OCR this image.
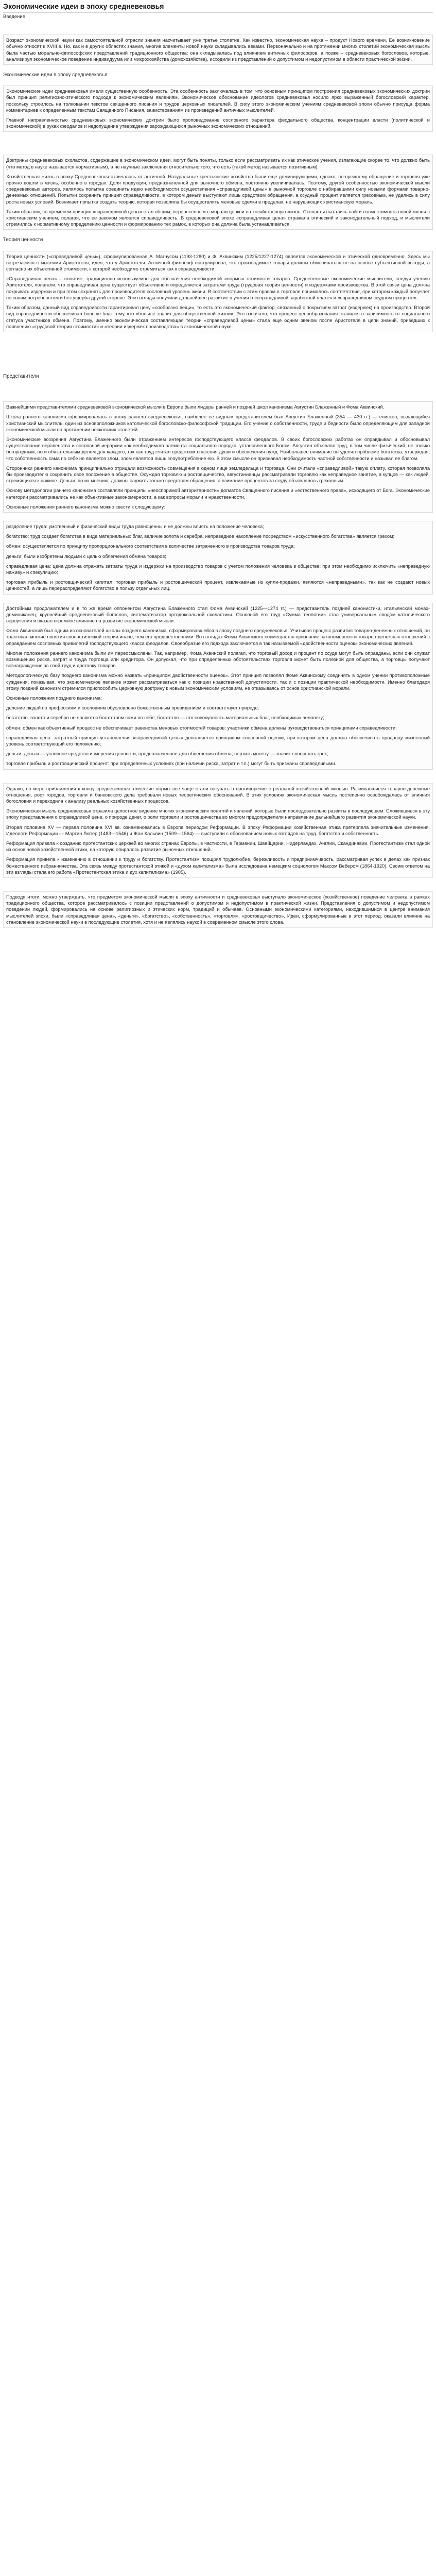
Экономические идеи в эпоху средневековья
Введение

Возраст экономической науки как самостоятельной отрасли знания насчитывает уже третье столетие. Как известно, экономическая наука – продукт Нового времени. Ее возникновение обычно относят к XVIII в. Но, как и в других областях знания, многие элементы новой науки складывались веками. Первоначально и на протяжении многих столетий экономическая мысль была частью морально-философских представлений традиционного общества: она складывалась под влиянием античных философов, а позже – средневековых богословов, которые, анализируя экономическое поведение индивидуума или микрохозяйства (домохозяйства), исходили из представлений о допустимом и недопустимом в области практической жизни.

Экономические идеи в эпоху средневековья

Экономические идеи средневековья имели существенную особенность. Эта особенность заключалась в том, что основным принципом построения средневековых экономических доктрин был принцип религиозно-этического подхода к экономическим явлениям. Экономическое обоснование идеологов средневековья носило ярко выраженный богословский характер, поскольку строилось на толковании текстов священного писания и трудов церковных писателей. В силу этого экономическим учениям средневековой эпохи обычно присуща форма комментариев к определенным текстам Священного Писания, заимствованиям из произведений античных мыслителей.

Главной направленностью средневековых экономических доктрин было проповедование сословного характера феодального общества, концентрации власти (политической и экономической) в руках феодалов и недопущение утверждения зарождающихся рыночных экономических отношений.

Доктрины средневековых схоластов, содержащие в экономическом идеи, могут быть поняты, только если рассматривать их как этические учения, излагающие скорее то, что должно быть (что метод в науке называется нормативным), а не научные заключения относительно того, что есть (такой метод называется позитивным).

Хозяйственная жизнь в эпоху Средневековья отличалась от античной. Натуральные крестьянские хозяйства были еще доминирующими, однако, по-прежнему обращение и торговля уже прочно вошли в жизнь, особенно в городах. Доля продукции, предназначенной для рыночного обмена, постоянно увеличивалась. Поэтому, другой особенностью экономической мысли средневековых авторов, являлось попытка соединить идею необходимости осуществления «справедливой цены» в рыночной торговле с набиравшими силу новыми формами товарно-денежных отношений. Попытки сохранить принцип справедливости, в котором деньги выступают лишь средством обращения, а ссудный процент является греховным, не удались в силу роста новых условий. Возникает попытка создать теорию, которая позволила бы осуществлять меновые сделки в пределах, не нарушающих христианскую мораль.

Таким образом, со временем принцип «справедливой цены» стал общим, перенесенным с морали церкви на хозяйственную жизнь. Схоласты пытались найти совместимость новой жизни с христианским учением, полагая, что ее законом является справедливость. В средневековой эпохе «справедливая цена» отражала этический и законодательный подход, и мыслители стремились к нормативному определению ценности и формированию тех рамок, в которых она должна была устанавливаться.

Теория ценности

Теория ценности («справедливой цены»), сформулированная А. Магнусом (1193-1280) и Ф. Аквинским (1225/1227-1274) является экономической и этической одновременно. Здесь мы встречаемся с мыслями Аристотеля, идея, что у Аристотеля. Античный философ постулировал, что производимые товары должны обмениваться не на основе субъективной выгоды, а согласно их объективной стоимости, к которой необходимо стремиться как к справедливости.

«Справедливая цена» – понятие, традиционно используемое для обозначения необходимой «нормы» стоимости товаров. Средневековые экономические мыслители, следуя учению Аристотеля, полагали, что справедливая цена существует объективно и определяется затратами труда (трудовая теория ценности) и издержками производства. В этой связи цена должна покрывать издержки и при этом сохранять для производителя сословный уровень жизни. В соответствии с этим правом в торговле понималось соответствие, при котором каждый получает по своим потребностям и без ущерба другой стороне. Эти взгляды получили дальнейшее развитие в учении о «справедливой заработной плате» и «справедливом ссудном проценте».

Таким образом, данный вид справедливости гарантировал цену «сообразно вещи», то есть это экономический фактор, связанный с покрытием затрат (издержек) на производство. Второй вид справедливости обеспечивал больше благ тому, кто «больше значит для общественной жизни». Это означало, что процесс ценообразования ставился в зависимость от социального статуса участников обмена. Поэтому, именно экономическая составляющая теории «справедливой цены» стала еще одним звеном после Аристотеля в цепи знаний, приведших к появлению «трудовой теории стоимости» и «теории издержек производства» в экономической науке.

Представители

Важнейшими представителями средневековой экономической мысли в Европе были лидеры ранней и поздней школ канонизма Августин Блаженный и Фома Аквинский.

Школа раннего канонизма сформировалась в эпоху раннего средневековья, наиболее ее видным представителем был Августин Блаженный (354 — 430 гг.) — епископ, выдающийся христианский мыслитель, один из основоположников католической богословско-философской традиции. Его учение о собственности, труде и бедности было определяющим для западной экономической мысли на протяжении нескольких столетий.

Экономические воззрения Августина Блаженного были отражением интересов господствующего класса феодалов. В своих богословских работах он оправдывал и обосновывал существование неравенства и сословной иерархии как необходимого элемента социального порядка, установленного Богом. Августин объявлял труд, в том числе физический, не только богоугодным, но и обязательным делом для каждого, так как труд считал средством спасения души и обеспечения нужд. Наибольшее внимание он уделял проблеме богатства, утверждая, что собственность сама по себе не является злом, злом является лишь злоупотребление ею. В этом смысле он признавал необходимость частной собственности и называл ее благом.

Сторонники раннего канонизма принципиально отрицали возможность совмещения в одном лице земледельца и торговца. Они считали «справедливой» такую оплату, которая позволяла бы производителю сохранить свое положение в обществе. Осуждая торговлю и ростовщичество, августинианцы рассматривали торговлю как неправедное занятие, а купцов — как людей, стремящихся к наживе. Деньги, по их мнению, должны служить только средством обращения, а взимание процентов за ссуду объявлялось греховным.

Основу методологии раннего канонизма составляли принципы «неоспоримой авторитарности» догматов Священного писания и «естественного права», исходящего от Бога. Экономические категории рассматривались не как объективные закономерности, а как вопросы морали и нравственности.

Основные положения раннего канонизма можно свести к следующему:

разделение труда: умственный и физический виды труда равноценны и не должны влиять на положение человека;

богатство: труд создает богатства в виде материальных благ, величие золота и серебра, неправедное накопление посредством «искусственного богатства» является грехом;

обмен: осуществляется по принципу пропорционального соответствия в количестве затраченного в производстве товаров труда;

деньги: были изобретены людьми с целью облегчения обмена товаров;

справедливая цена: цена должна отражать затраты труда и издержки на производство товаров с учетом положения человека в обществе; при этом необходимо исключить «неправедную наживу» и спекуляцию;

торговая прибыль и ростовщический капитал: торговая прибыль и ростовщический процент, извлекаемые из купли-продажи, являются «неправедными», так как не создают новых ценностей, а лишь перераспределяют богатство в пользу отдельных лиц.

Достойным продолжателем и в то же время оппонентом Августина Блаженного стал Фома Аквинский (1225—1274 гг.) — представитель поздней канонистики, итальянский монах-доминиканец, крупнейший средневековый богослов, систематизатор ортодоксальной схоластики. Основной его труд «Сумма теологии» стал универсальным сводом католического вероучения и оказал огромное влияние на развитие экономической мысли.

Фома Аквинский был одним из основателей школы позднего канонизма, сформировавшейся в эпоху позднего средневековья. Учитывая процесс развития товарно-денежных отношений, он трактовал многие понятия схоластической теории иначе, чем его предшественники. Во взглядах Фомы Аквинского совмещается признание закономерности товарно-денежных отношений с оправданием сословных привилегий господствующего класса феодалов. Своеобразие его подхода заключается в так называемой «двойственности оценок» экономических явлений.

Многие положения раннего канонизма были им переосмыслены. Так, например, Фома Аквинский полагал, что торговый доход и процент по ссуде могут быть оправданы, если они служат возмещению риска, затрат и труда торговца или кредитора. Он допускал, что при определенных обстоятельствах торговля может быть полезной для общества, а торговцы получают вознаграждение за свой труд и доставку товаров.

Методологическую базу позднего канонизма можно назвать «принципом двойственности оценок». Этот принцип позволял Фоме Аквинскому соединять в одном учении противоположные суждения, показывая, что экономическое явление может рассматриваться как с позиции нравственной допустимости, так и с позиции практической необходимости. Именно благодаря этому поздний канонизм стремился приспособить церковную доктрину к новым экономическим условиям, не отказываясь от основ христианской морали.

Основные положения позднего канонизма:

деление людей по профессиям и сословиям обусловлено божественным провидением и соответствует природе;

богатство: золото и серебро не являются богатством сами по себе; богатство — это совокупность материальных благ, необходимых человеку;

обмен: обмен как объективный процесс не обеспечивает равенства меновых стоимостей товаров; участники обмена должны руководствоваться принципами справедливости;

справедливая цена: затратный принцип установления «справедливой цены» дополняется принципом сословной оценки, при котором цена должна обеспечивать продавцу жизненный уровень соответствующий его положению;

деньги: деньги — условное средство измерения ценности, предназначенное для облегчения обмена; портить монету — значит совершать грех;

торговая прибыль и ростовщический процент: при определенных условиях (при наличии риска, затрат и т.п.) могут быть признаны справедливыми.

Однако, по мере приближения к концу средневековья этические нормы все чаще стали вступать в противоречие с реальной хозяйственной жизнью. Развивавшиеся товарно-денежные отношения, рост городов, торговли и банковского дела требовали новых теоретических обоснований. В этих условиях экономическая мысль постепенно освобождалась от влияния богословия и переходила к анализу реальных хозяйственных процессов.

Экономическая мысль средневековья отразила целостное видение многих экономических понятий и явлений, которые были последовательно развиты в последующем. Сложившиеся в эту эпоху представления о справедливой цене, о природе денег, о роли торговли и ростовщичества во многом предопределили направление дальнейшего развития экономической науки.

Вторая половина XV — первая половина XVI вв. ознаменовались в Европе периодом Реформации. В эпоху Реформации хозяйственная этика претерпела значительные изменения. Идеологи Реформации — Мартин Лютер (1483—1546) и Жан Кальвин (1509—1564) — выступили с обоснованием новых взглядов на труд, богатство и собственность.

Реформация привела к созданию протестантских церквей во многих странах Европы, в частности, в Германии, Швейцарии, Нидерландах, Англии, Скандинавии. Протестантизм стал одной из основ новой хозяйственной этики, на которую опиралось развитие рыночных отношений.

Реформация привела к изменению в отношении к труду и богатству. Протестантизм поощрял трудолюбие, бережливость и предприимчивость, рассматривая успех в делах как признак божественного избранничества. Эта связь между протестантской этикой и «духом капитализма» была исследована немецким социологом Максом Вебером (1864-1920). Своим ответом на эти взгляды стала его работа «Протестантская этика и дух капитализма» (1905).

Подводя итоги, можно утверждать, что предметом экономической мысли в эпоху античности и средневековья выступало экономическое (хозяйственное) поведение человека в рамках традиционного общества, которое рассматривалось с позиции представлений о допустимом и недопустимом в практической жизни. Представления о допустимом и недопустимом поведении людей, формировались на основе религиозных и этических норм, традиций и обычаев. Основными экономическими категориями, находившимися в центре внимания мыслителей эпохи, были «справедливая цена», «деньги», «богатство», «собственность», «торговля», «ростовщичество». Идеи, сформулированные в этот период, оказали влияние на становление экономической науки в последующие столетия, хотя и не являлись наукой в современном смысле этого слова.
